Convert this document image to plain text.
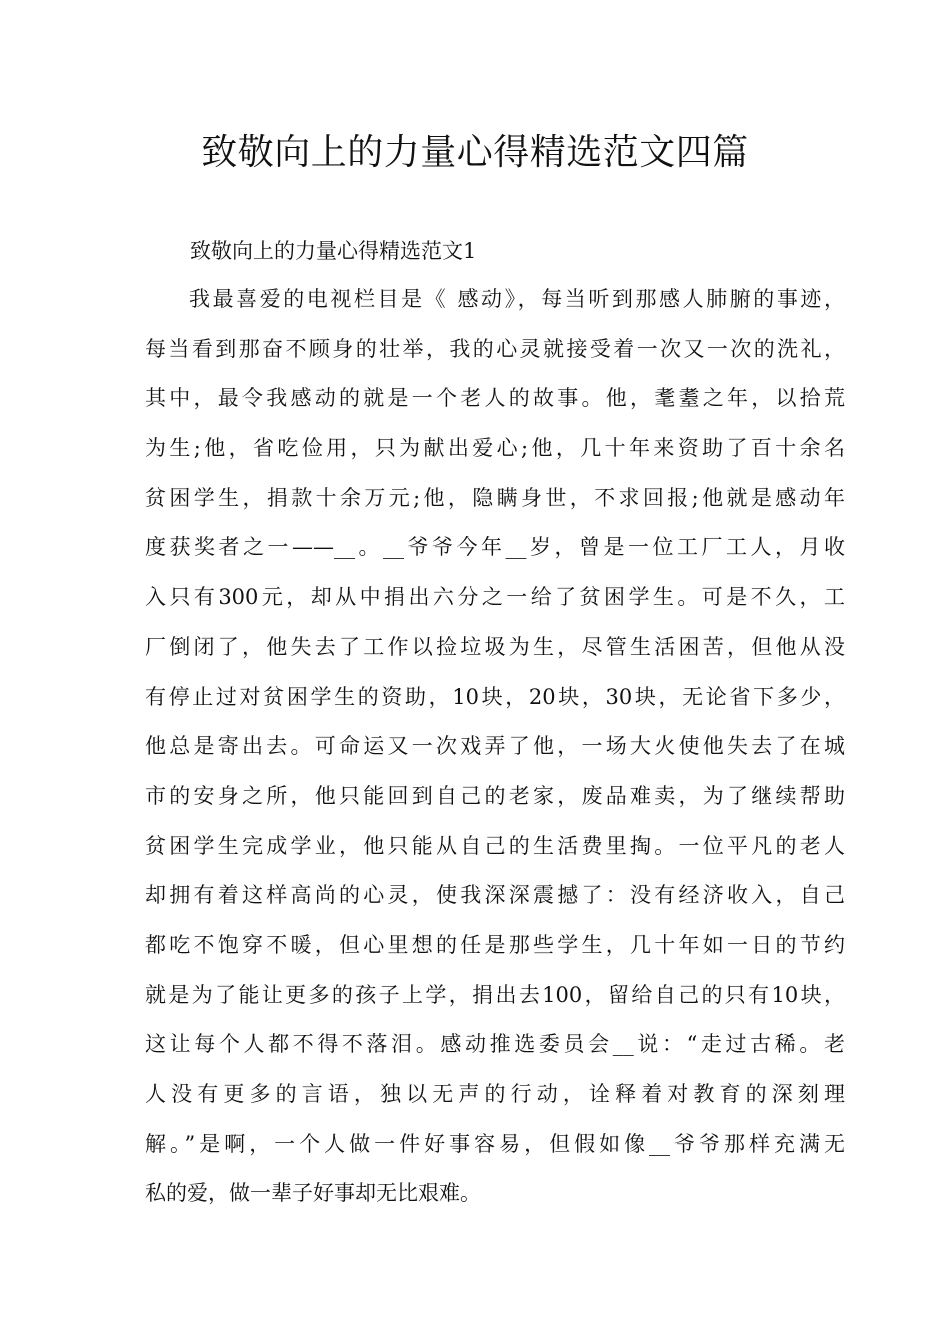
致敬向上的力量心得精选范文四篇
致敬向上的力量心得精选范文1
我最喜爱的电视栏目是《 感动》，每当听到那感人肺腑的事迹，
每当看到那奋不顾身的壮举，我的心灵就接受着一次又一次的洗礼，
其中，最令我感动的就是一个老人的故事。他，耄耋之年，以拾荒
为生;他，省吃俭用，只为献出爱心;他，几十年来资助了百十余名
贫困学生，捐款十余万元;他，隐瞒身世，不求回报;他就是感动年
度获奖者之一——__。__爷爷今年__岁，曾是一位工厂工人，月收
入只有300元，却从中捐出六分之一给了贫困学生。可是不久，工
厂倒闭了，他失去了工作以捡垃圾为生，尽管生活困苦，但他从没
有停止过对贫困学生的资助，10块，20块，30块，无论省下多少，
他总是寄出去。可命运又一次戏弄了他，一场大火使他失去了在城
市的安身之所，他只能回到自己的老家，废品难卖，为了继续帮助
贫困学生完成学业，他只能从自己的生活费里掏。一位平凡的老人
却拥有着这样高尚的心灵，使我深深震撼了：没有经济收入，自己
都吃不饱穿不暖，但心里想的任是那些学生，几十年如一日的节约
就是为了能让更多的孩子上学，捐出去100，留给自己的只有10块，
这让每个人都不得不落泪。感动推选委员会__说：“走过古稀。老
人没有更多的言语，独以无声的行动，诠释着对教育的深刻理
解。”是啊，一个人做一件好事容易，但假如像__爷爷那样充满无
私的爱，做一辈子好事却无比艰难。
